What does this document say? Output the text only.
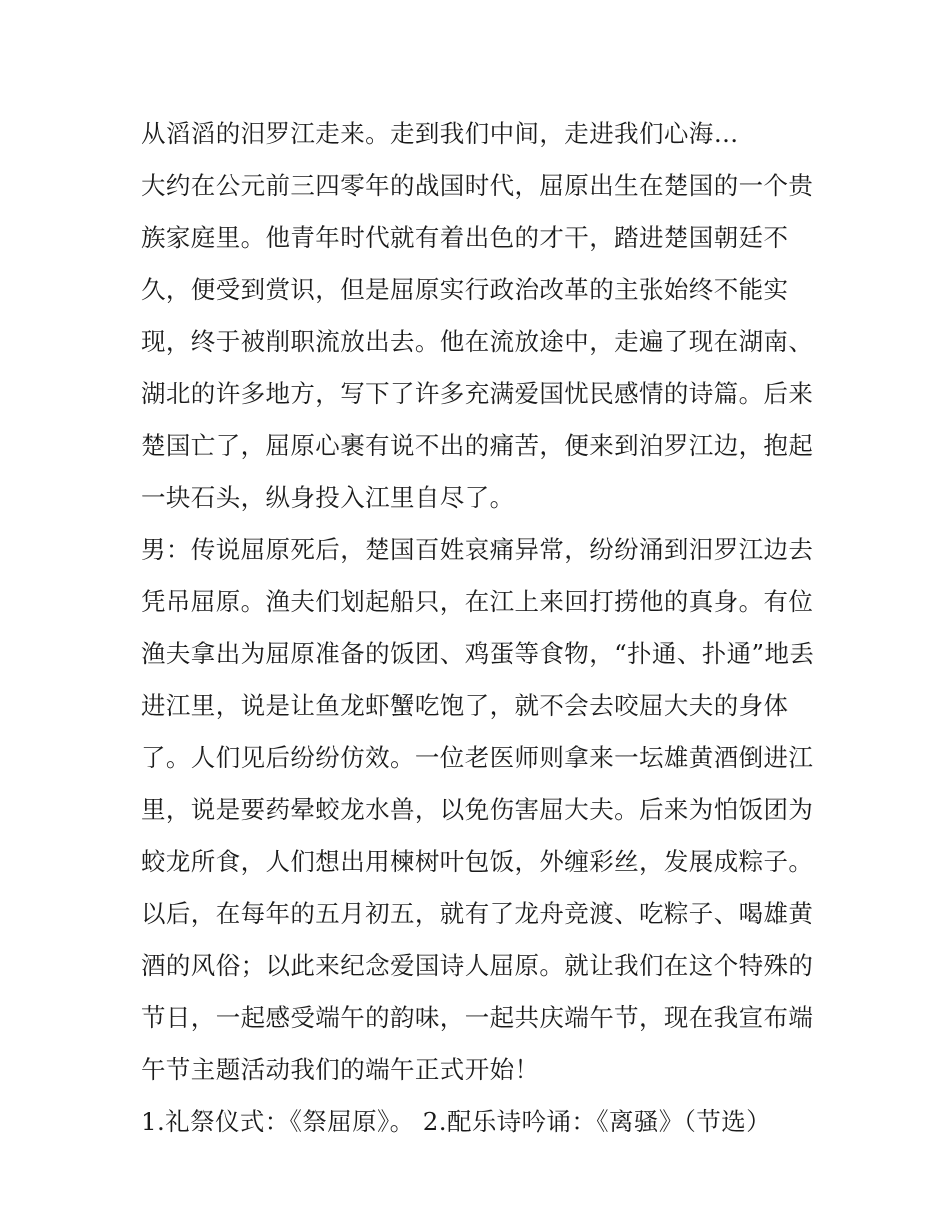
从滔滔的汨罗江走来。走到我们中间，走进我们心海…
大约在公元前三四零年的战国时代，屈原出生在楚国的一个贵
族家庭里。他青年时代就有着出色的才干，踏进楚国朝廷不
久，便受到赏识，但是屈原实行政治改革的主张始终不能实
现，终于被削职流放出去。他在流放途中，走遍了现在湖南、
湖北的许多地方，写下了许多充满爱国忧民感情的诗篇。后来
楚国亡了，屈原心裹有说不出的痛苦，便来到泊罗江边，抱起
一块石头，纵身投入江里自尽了。
男：传说屈原死后，楚国百姓哀痛异常，纷纷涌到汨罗江边去
凭吊屈原。渔夫们划起船只，在江上来回打捞他的真身。有位
渔夫拿出为屈原准备的饭团、鸡蛋等食物，“扑通、扑通”地丢
进江里，说是让鱼龙虾蟹吃饱了，就不会去咬屈大夫的身体
了。人们见后纷纷仿效。一位老医师则拿来一坛雄黄酒倒进江
里，说是要药晕蛟龙水兽，以免伤害屈大夫。后来为怕饭团为
蛟龙所食，人们想出用楝树叶包饭，外缠彩丝，发展成粽子。
以后，在每年的五月初五，就有了龙舟竞渡、吃粽子、喝雄黄
酒的风俗；以此来纪念爱国诗人屈原。就让我们在这个特殊的
节日，一起感受端午的韵味，一起共庆端午节，现在我宣布端
午节主题活动我们的端午正式开始！
1.礼祭仪式：《祭屈原》。 2.配乐诗吟诵：《离骚》（节选）
